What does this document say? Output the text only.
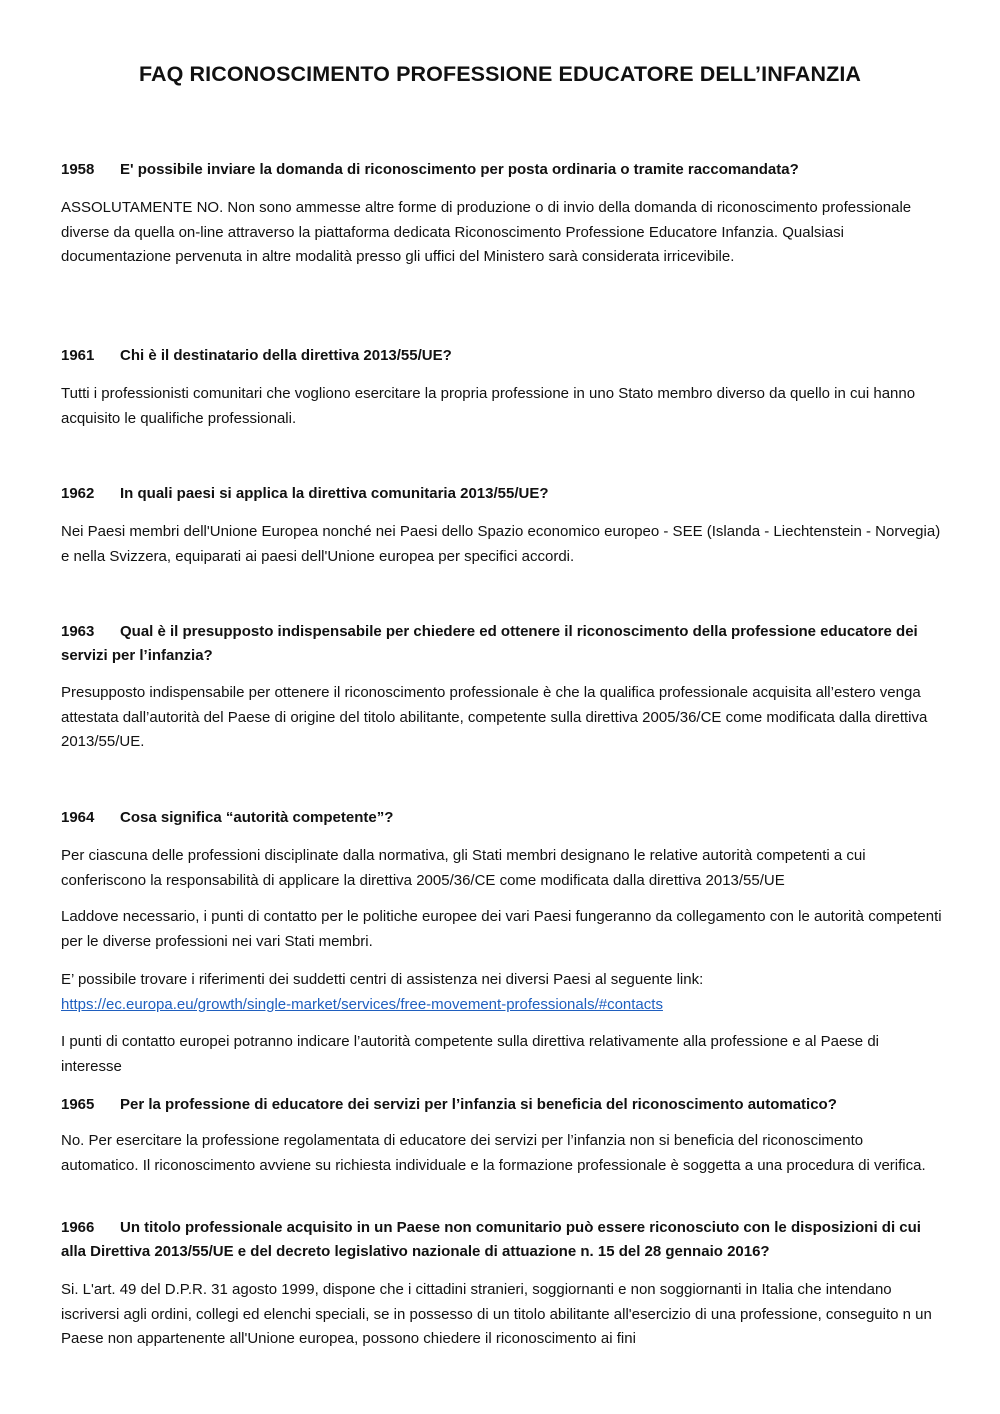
FAQ RICONOSCIMENTO PROFESSIONE EDUCATORE DELL’INFANZIA

1958 E' possibile inviare la domanda di riconoscimento per posta ordinaria o tramite raccomandata?

ASSOLUTAMENTE NO. Non sono ammesse altre forme di produzione o di invio della domanda di riconoscimento professionale diverse da quella on-line attraverso la piattaforma dedicata Riconoscimento Professione Educatore Infanzia. Qualsiasi documentazione pervenuta in altre modalità presso gli uffici del Ministero sarà considerata irricevibile.

1961 Chi è il destinatario della direttiva 2013/55/UE?

Tutti i professionisti comunitari che vogliono esercitare la propria professione in uno Stato membro diverso da quello in cui hanno acquisito le qualifiche professionali.

1962 In quali paesi si applica la direttiva comunitaria 2013/55/UE?

Nei Paesi membri dell'Unione Europea nonché nei Paesi dello Spazio economico europeo - SEE (Islanda - Liechtenstein - Norvegia) e nella Svizzera, equiparati ai paesi dell'Unione europea per specifici accordi.

1963 Qual è il presupposto indispensabile per chiedere ed ottenere il riconoscimento della professione educatore dei servizi per l’infanzia?

Presupposto indispensabile per ottenere il riconoscimento professionale è che la qualifica professionale acquisita all’estero venga attestata dall’autorità del Paese di origine del titolo abilitante, competente sulla direttiva 2005/36/CE come modificata dalla direttiva 2013/55/UE.

1964 Cosa significa “autorità competente”?

Per ciascuna delle professioni disciplinate dalla normativa, gli Stati membri designano le relative autorità competenti a cui conferiscono la responsabilità di applicare la direttiva 2005/36/CE come modificata dalla direttiva 2013/55/UE

Laddove necessario, i punti di contatto per le politiche europee dei vari Paesi fungeranno da collegamento con le autorità competenti per le diverse professioni nei vari Stati membri.

E’ possibile trovare i riferimenti dei suddetti centri di assistenza nei diversi Paesi al seguente link:
https://ec.europa.eu/growth/single-market/services/free-movement-professionals/#contacts

I punti di contatto europei potranno indicare l’autorità competente sulla direttiva relativamente alla professione e al Paese di interesse

1965 Per la professione di educatore dei servizi per l’infanzia si beneficia del riconoscimento automatico?

No. Per esercitare la professione regolamentata di educatore dei servizi per l’infanzia non si beneficia del riconoscimento automatico. Il riconoscimento avviene su richiesta individuale e la formazione professionale è soggetta a una procedura di verifica.

1966 Un titolo professionale acquisito in un Paese non comunitario può essere riconosciuto con le disposizioni di cui alla Direttiva 2013/55/UE e del decreto legislativo nazionale di attuazione n. 15 del 28 gennaio 2016?

Si. L'art. 49 del D.P.R. 31 agosto 1999, dispone che i cittadini stranieri, soggiornanti e non soggiornanti in Italia che intendano iscriversi agli ordini, collegi ed elenchi speciali, se in possesso di un titolo abilitante all'esercizio di una professione, conseguito n un Paese non appartenente all'Unione europea, possono chiedere il riconoscimento ai fini
